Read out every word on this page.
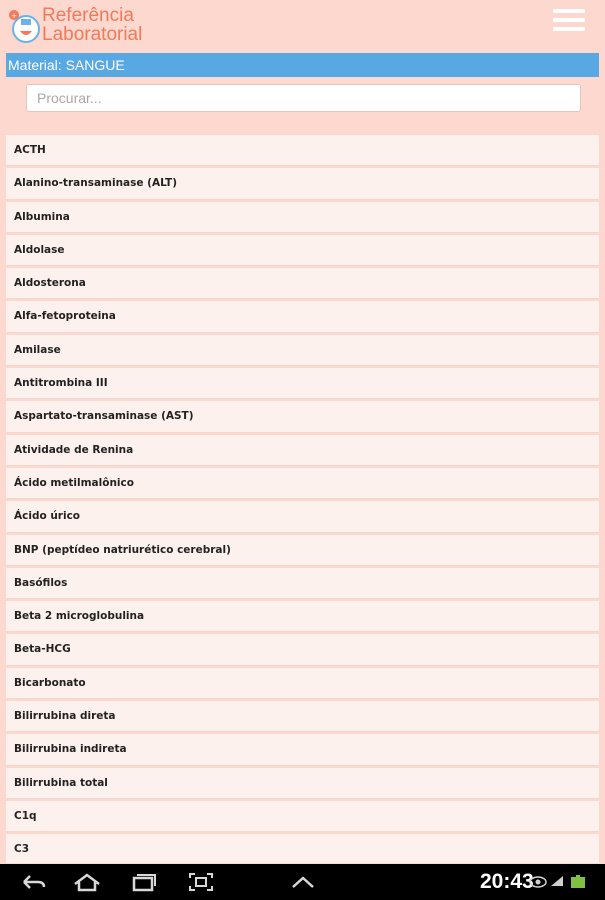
+ Referência
Laboratorial
Material: SANGUE
Procurar...
ACTH
Alanino-transaminase (ALT)
Albumina
Aldolase
Aldosterona
Alfa-fetoproteina
Amilase
Antitrombina III
Aspartato-transaminase (AST)
Atividade de Renina
Ácido metilmalônico
Ácido úrico
BNP (peptídeo natriurético cerebral)
Basófilos
Beta 2 microglobulina
Beta-HCG
Bicarbonato
Bilirrubina direta
Bilirrubina indireta
Bilirrubina total
C1q
C3
20:43
